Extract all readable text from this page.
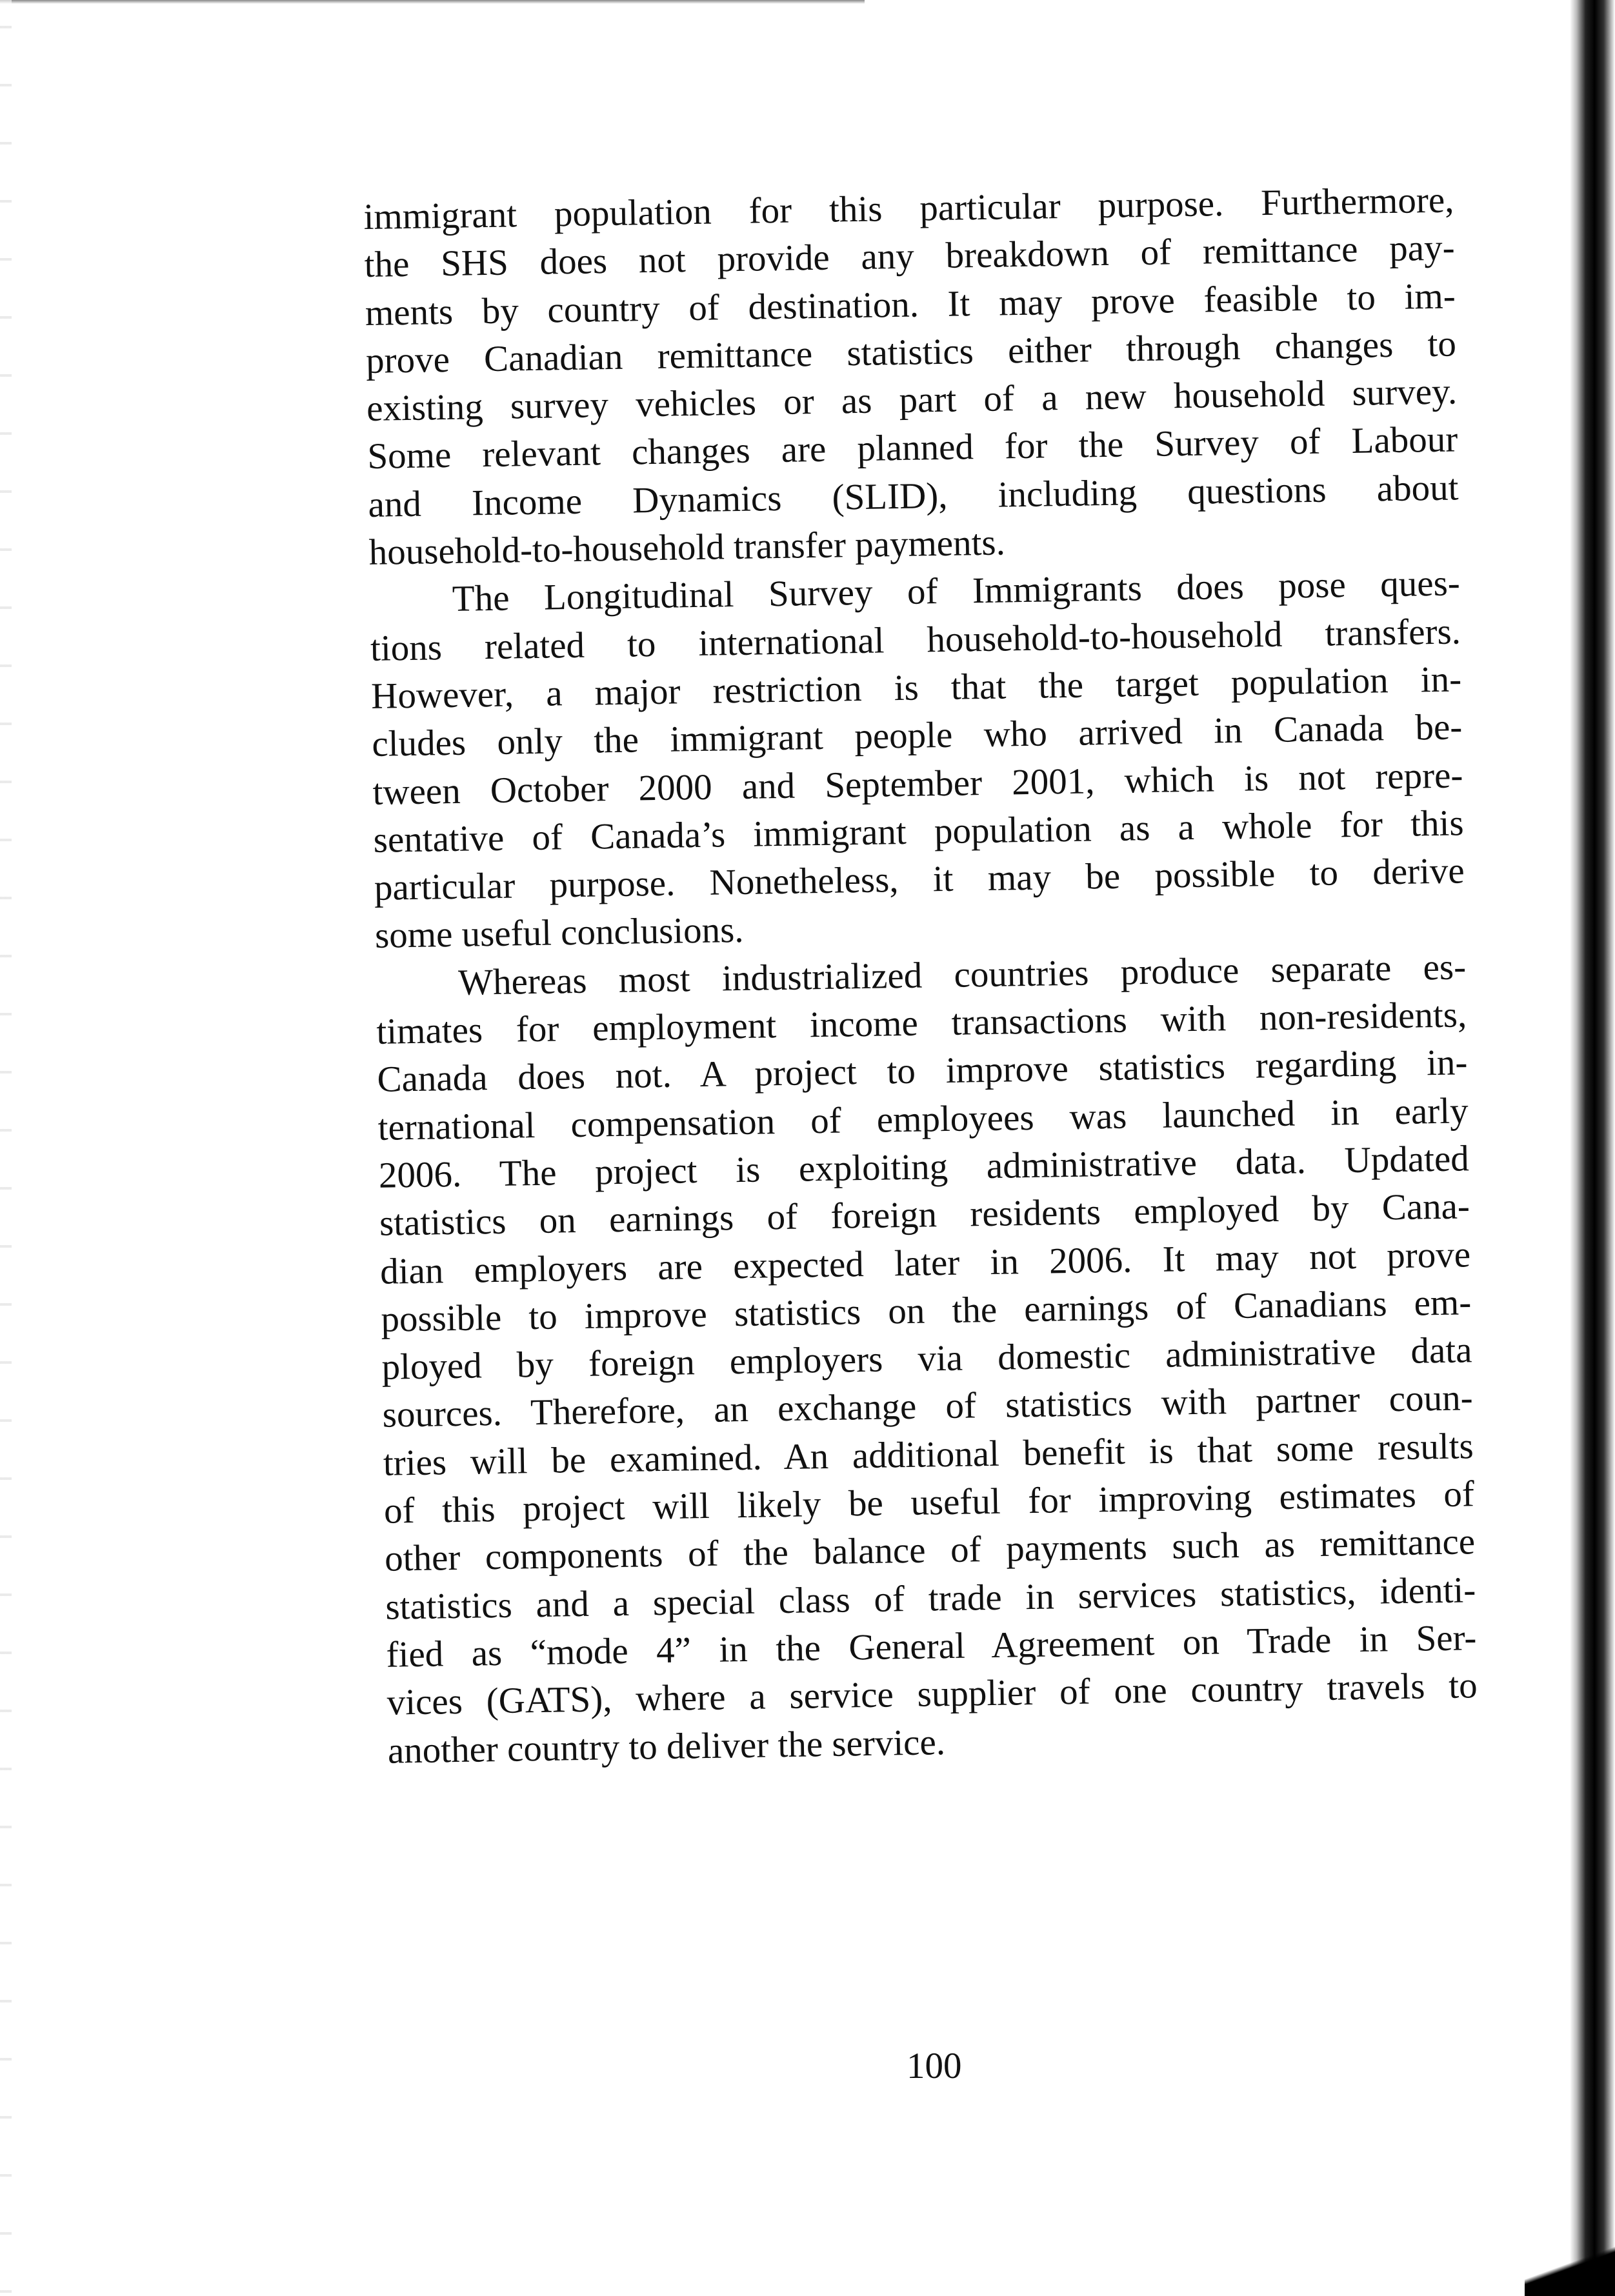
immigrant population for this particular purpose. Furthermore,
the SHS does not provide any breakdown of remittance pay-
ments by country of destination. It may prove feasible to im-
prove Canadian remittance statistics either through changes to
existing survey vehicles or as part of a new household survey.
Some relevant changes are planned for the Survey of Labour
and Income Dynamics (SLID), including questions about
household-to-household transfer payments.
The Longitudinal Survey of Immigrants does pose ques-
tions related to international household-to-household transfers.
However, a major restriction is that the target population in-
cludes only the immigrant people who arrived in Canada be-
tween October 2000 and September 2001, which is not repre-
sentative of Canada’s immigrant population as a whole for this
particular purpose. Nonetheless, it may be possible to derive
some useful conclusions.
Whereas most industrialized countries produce separate es-
timates for employment income transactions with non-residents,
Canada does not. A project to improve statistics regarding in-
ternational compensation of employees was launched in early
2006. The project is exploiting administrative data. Updated
statistics on earnings of foreign residents employed by Cana-
dian employers are expected later in 2006. It may not prove
possible to improve statistics on the earnings of Canadians em-
ployed by foreign employers via domestic administrative data
sources. Therefore, an exchange of statistics with partner coun-
tries will be examined. An additional benefit is that some results
of this project will likely be useful for improving estimates of
other components of the balance of payments such as remittance
statistics and a special class of trade in services statistics, identi-
fied as “mode 4” in the General Agreement on Trade in Ser-
vices (GATS), where a service supplier of one country travels to
another country to deliver the service.
100
